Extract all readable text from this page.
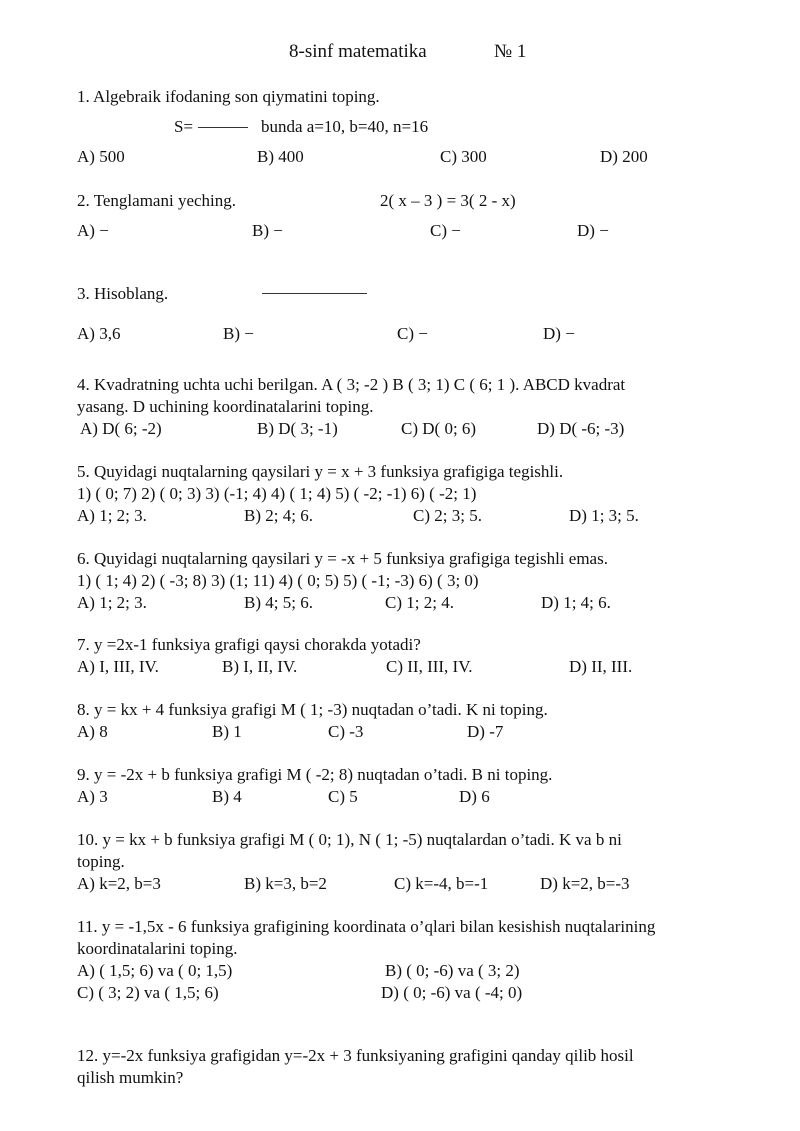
8-sinf matematika	№ 1
1. Algebraik ifodaning son qiymatini toping.
S=	bunda a=10, b=40, n=16
A) 500	B) 400	C) 300	D) 200
2. Tenglamani yeching.	2( x – 3 ) = 3( 2 - x)
A) −	B) −	C) −	D) −
3. Hisoblang.
A) 3,6	B) −	C) −	D) −
4. Kvadratning uchta uchi berilgan. A ( 3; -2 ) B ( 3; 1) C ( 6; 1 ). ABCD kvadrat
yasang. D uchining koordinatalarini toping.
A) D( 6; -2)	B) D( 3; -1)	C) D( 0; 6)	D) D( -6; -3)
5. Quyidagi nuqtalarning qaysilari y = x + 3 funksiya grafigiga tegishli.
1) ( 0; 7) 2) ( 0; 3) 3) (-1; 4) 4) ( 1; 4) 5) ( -2; -1) 6) ( -2; 1)
A) 1; 2; 3.	B) 2; 4; 6.	C) 2; 3; 5.	D) 1; 3; 5.
6. Quyidagi nuqtalarning qaysilari y = -x + 5 funksiya grafigiga tegishli emas.
1) ( 1; 4) 2) ( -3; 8) 3) (1; 11) 4) ( 0; 5) 5) ( -1; -3) 6) ( 3; 0)
A) 1; 2; 3.	B) 4; 5; 6.	C) 1; 2; 4.	D) 1; 4; 6.
7. y =2x-1 funksiya grafigi qaysi chorakda yotadi?
A) I, III, IV.	B) I, II, IV.	C) II, III, IV.	D) II, III.
8. y = kx + 4 funksiya grafigi M ( 1; -3) nuqtadan o’tadi. K ni toping.
A) 8	B) 1	C) -3	D) -7
9. y = -2x + b funksiya grafigi M ( -2; 8) nuqtadan o’tadi. B ni toping.
A) 3	B) 4	C) 5	D) 6
10. y = kx + b funksiya grafigi M ( 0; 1), N ( 1; -5) nuqtalardan o’tadi. K va b ni
toping.
A) k=2, b=3	B) k=3, b=2	C) k=-4, b=-1	D) k=2, b=-3
11. y = -1,5x - 6 funksiya grafigining koordinata o’qlari bilan kesishish nuqtalarining
koordinatalarini toping.
A) ( 1,5; 6) va ( 0; 1,5)	B) ( 0; -6) va ( 3; 2)
C) ( 3; 2) va ( 1,5; 6)	D) ( 0; -6) va ( -4; 0)
12. y=-2x funksiya grafigidan y=-2x + 3 funksiyaning grafigini qanday qilib hosil
qilish mumkin?
